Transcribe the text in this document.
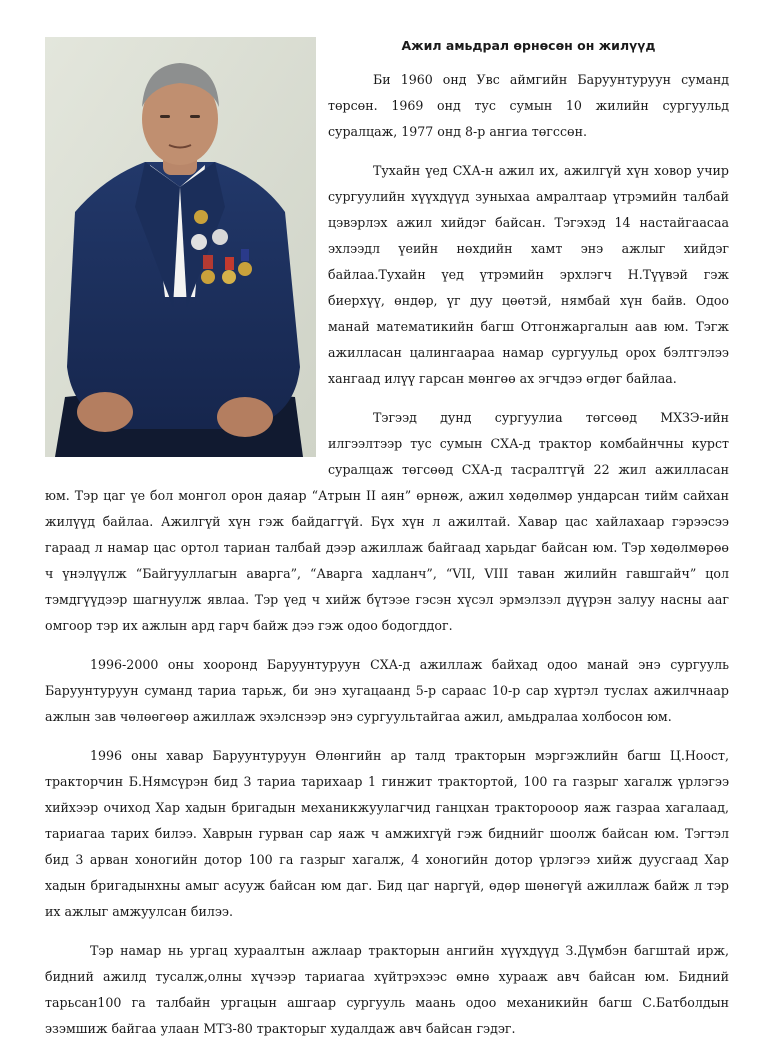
Ажил амьдрал өрнөсөн он жилүүд

Би 1960 онд Увс аймгийн Баруунтуруун суманд төрсөн. 1969 онд тус сумын 10 жилийн сургуульд суралцаж, 1977 онд 8-р ангиа төгссөн.

Тухайн үед СХА-н ажил их, ажилгүй хүн ховор учир сургуулийн хүүхдүүд зуныхаа амралтаар үтрэмийн талбай цэвэрлэх ажил хийдэг байсан. Тэгэхэд 14 настайгаасаа эхлээдл үеийн нөхдийн хамт энэ ажлыг хийдэг байлаа.Тухайн үед үтрэмийн эрхлэгч Н.Түүвэй гэж биерхүү, өндөр, үг дуу цөөтэй, нямбай хүн байв. Одоо манай математикийн багш Отгонжаргалын аав юм. Тэгж ажилласан цалингаараа намар сургуульд орох бэлтгэлээ хангаад илүү гарсан мөнгөө ах эгчдээ өгдөг байлаа.

Тэгээд дунд сургуулиа төгсөөд МХЗЭ-ийн илгээлтээр тус сумын СХА-д трактор комбайнчны курст суралцаж төгсөөд СХА-д тасралтгүй 22 жил ажилласан юм. Тэр цаг үе бол монгол орон даяар “Атрын II аян” өрнөж, ажил хөдөлмөр ундарсан тийм сайхан жилүүд байлаа. Ажилгүй хүн гэж байдаггүй. Бүх хүн л ажилтай. Хавар цас хайлахаар гэрээсээ гараад л намар цас ортол тариан талбай дээр ажиллаж байгаад харьдаг байсан юм. Тэр хөдөлмөрөө ч үнэлүүлж “Байгууллагын аварга”, “Аварга хадланч”, “VII, VIII таван жилийн гавшгайч” цол тэмдгүүдээр шагнуулж явлаа. Тэр үед ч хийж бүтээе гэсэн хүсэл эрмэлзэл дүүрэн залуу насны ааг омгоор тэр их ажлын ард гарч байж дээ гэж одоо бодогддог.

1996-2000 оны хооронд Баруунтуруун СХА-д ажиллаж байхад одоо манай энэ сургууль Баруунтуруун суманд тариа тарьж, би энэ хугацаанд 5-р сараас 10-р сар хүртэл туслах ажилчнаар ажлын зав чөлөөгөөр ажиллаж эхэлснээр энэ сургуультайгаа ажил, амьдралаа холбосон юм.

1996 оны хавар Баруунтуруун Өлөнгийн ар талд тракторын мэргэжлийн багш Ц.Ноост, тракторчин Б.Нямсүрэн бид 3 тариа тарихаар 1 гинжит тракторт​ой, 100 га газрыг хагалж үрлэгээ хийхээр очиход Хар хадын бригадын механикжуулагчид ганцхан тракторооор яаж газраа хагалаад, тариагаа тарих билээ. Хаврын гурван сар яаж ч амжихгүй гэж биднийг шоолж байсан юм. Тэгтэл бид 3 арван хоногийн дотор 100 га газрыг хагалж, 4 хоногийн дотор үрлэгээ хийж дуусгаад Хар хадын бригадынхны амыг асууж байсан юм даг. Бид цаг наргүй, өдөр шөнөгүй ажиллаж байж л тэр их ажлыг амжуулсан билээ.

Тэр намар нь ургац хураалтын ажлаар тракторын ангийн хүүхдүүд З.Дүмбэн багштай ирж, бидний ажилд тусалж,олны хүчээр тариагаа хүйтрэхээс өмнө хурааж авч байсан юм. Бидний тарьсан100 га талбайн ургацын ашгаар сургууль маань одоо механикийн багш С.Батболдын эзэмшиж байгаа улаан МТЗ-80 тракторыг худалдаж авч байсан гэдэг.
